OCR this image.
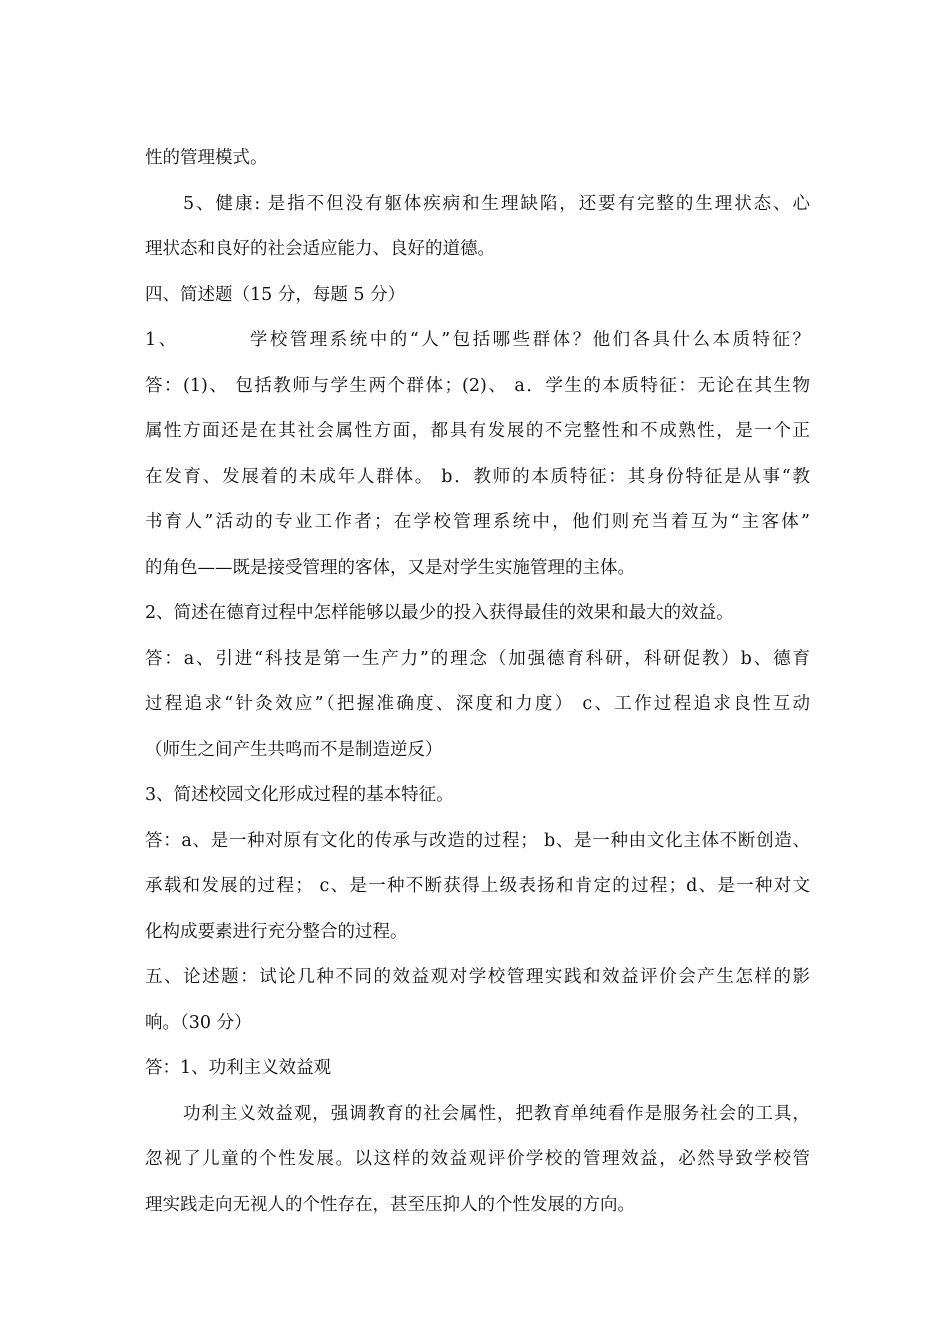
性的管理模式。
5、健康: 是指不但没有躯体疾病和生理缺陷，还要有完整的生理状态、心
理状态和良好的社会适应能力、良好的道德。
四、简述题（15 分，每题 5 分）
1、　　　　学校管理系统中的“人”包括哪些群体？他们各具什么本质特征？
答：(1)、 包括教师与学生两个群体；(2)、 a．学生的本质特征：无论在其生物
属性方面还是在其社会属性方面，都具有发展的不完整性和不成熟性，是一个正
在发育、发展着的未成年人群体。 b．教师的本质特征：其身份特征是从事“教
书育人”活动的专业工作者；在学校管理系统中，他们则充当着互为“主客体”
的角色——既是接受管理的客体，又是对学生实施管理的主体。
2、简述在德育过程中怎样能够以最少的投入获得最佳的效果和最大的效益。
答：a、引进“科技是第一生产力”的理念（加强德育科研，科研促教）b、德育
过程追求“针灸效应”（把握准确度、深度和力度） c、工作过程追求良性互动
（师生之间产生共鸣而不是制造逆反）
3、简述校园文化形成过程的基本特征。
答：a、是一种对原有文化的传承与改造的过程； b、是一种由文化主体不断创造、
承载和发展的过程； c、是一种不断获得上级表扬和肯定的过程；d、是一种对文
化构成要素进行充分整合的过程。
五、论述题：试论几种不同的效益观对学校管理实践和效益评价会产生怎样的影
响。（30 分）
答：1、功利主义效益观
功利主义效益观，强调教育的社会属性，把教育单纯看作是服务社会的工具，
忽视了儿童的个性发展。以这样的效益观评价学校的管理效益，必然导致学校管
理实践走向无视人的个性存在，甚至压抑人的个性发展的方向。
